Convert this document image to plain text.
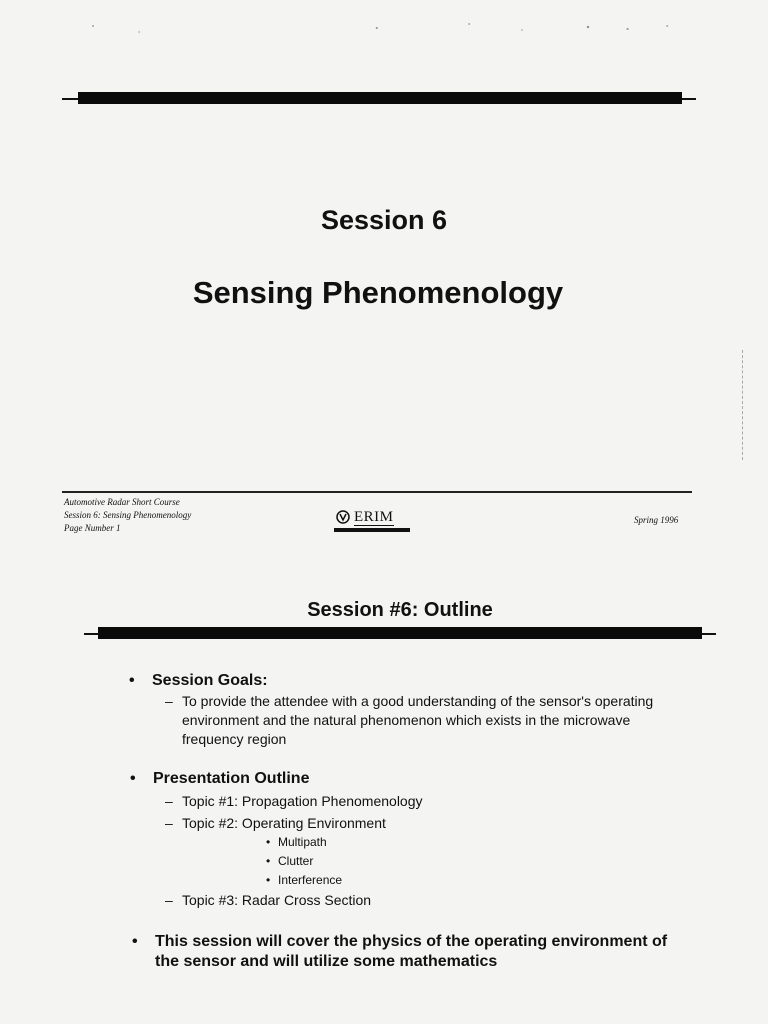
Session 6
Sensing Phenomenology
Automotive Radar Short Course
Session 6: Sensing Phenomenology
Page Number 1
ERIM	Spring 1996
Session #6: Outline
• Session Goals:
– To provide the attendee with a good understanding of the sensor's operating environment and the natural phenomenon which exists in the microwave frequency region
• Presentation Outline
– Topic #1: Propagation Phenomenology
– Topic #2: Operating Environment
• Multipath
• Clutter
• Interference
– Topic #3: Radar Cross Section
• This session will cover the physics of the operating environment of the sensor and will utilize some mathematics
